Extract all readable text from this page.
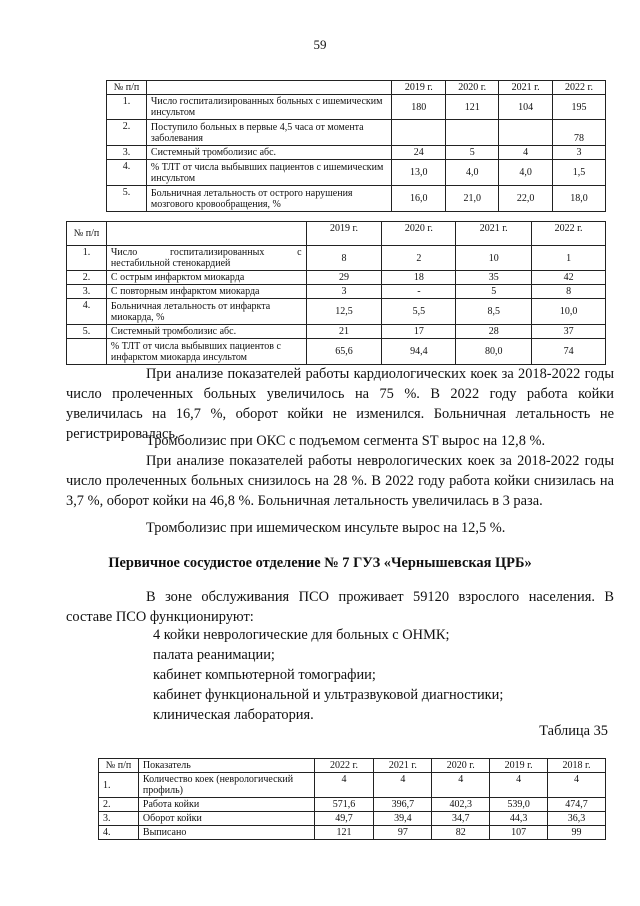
59
№ п/п		2019 г.	2020 г.	2021 г.	2022 г.
1.	Число госпитализированных больных с ишемическим инсультом	180	121	104	195
2.	Поступило больных в первые 4,5 часа от момента заболевания				78
3.	Системный тромболизис абс.	24	5	4	3
4.	% ТЛТ от числа выбывших пациентов с ишемическим инсультом	13,0	4,0	4,0	1,5
5.	Больничная летальность от острого нарушения мозгового кровообращения, %	16,0	21,0	22,0	18,0
№ п/п		2019 г.	2020 г.	2021 г.	2022 г.
1.	Число госпитализированных с нестабильной стенокардией	8	2	10	1
2.	С острым инфарктом миокарда	29	18	35	42
3.	С повторным инфарктом миокарда	3	-	5	8
4.	Больничная летальность от инфаркта миокарда, %	12,5	5,5	8,5	10,0
5.	Системный тромболизис абс.	21	17	28	37
	% ТЛТ от числа выбывших пациентов с инфарктом миокарда инсультом	65,6	94,4	80,0	74
При анализе показателей работы кардиологических коек за 2018-2022 годы число пролеченных больных увеличилось на 75 %. В 2022 году работа койки увеличилась на 16,7 %, оборот койки не изменился. Больничная летальность не регистрировалась.
Тромболизис при ОКС с подъемом сегмента ST вырос на 12,8 %.
При анализе показателей работы неврологических коек за 2018-2022 годы число пролеченных больных снизилось на 28 %. В 2022 году работа койки снизилась на 3,7 %, оборот койки на 46,8 %. Больничная летальность увеличилась в 3 раза.
Тромболизис при ишемическом инсульте вырос на 12,5 %.
Первичное сосудистое отделение № 7 ГУЗ «Чернышевская ЦРБ»
В зоне обслуживания ПСО проживает 59120 взрослого населения. В составе ПСО функционируют:
4 койки неврологические для больных с ОНМК;
палата реанимации;
кабинет компьютерной томографии;
кабинет функциональной и ультразвуковой диагностики;
клиническая лаборатория.
Таблица 35
№ п/п	Показатель	2022 г.	2021 г.	2020 г.	2019 г.	2018 г.
1.	Количество коек (неврологический профиль)	4	4	4	4	4
2.	Работа койки	571,6	396,7	402,3	539,0	474,7
3.	Оборот койки	49,7	39,4	34,7	44,3	36,3
4.	Выписано	121	97	82	107	99
